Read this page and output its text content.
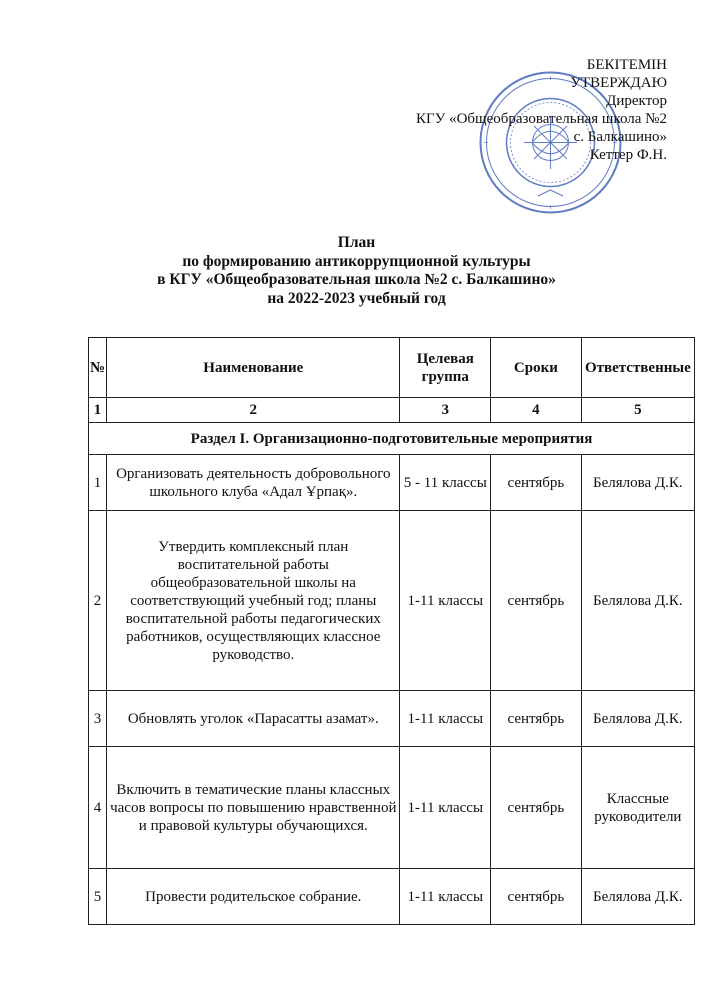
БЕКІТЕМІН
УТВЕРЖДАЮ
Директор
КГУ «Общеобразовательная школа №2
с. Балкашино»
Кеттер Ф.Н.
План
по формированию антикоррупционной культуры
в КГУ «Общеобразовательная школа №2 с. Балкашино»
на 2022-2023 учебный год
№	Наименование	Целевая группа	Сроки	Ответственные
1	2	3	4	5
Раздел I. Организационно-подготовительные мероприятия				
1	Организовать деятельность добровольного школьного клуба «Адал Ұрпақ».	5 - 11 классы	сентябрь	Белялова Д.К.
2	Утвердить комплексный план воспитательной работы общеобразовательной школы на соответствующий учебный год; планы воспитательной работы педагогических работников, осуществляющих классное руководство.	1-11 классы	сентябрь	Белялова Д.К.
3	Обновлять уголок «Парасатты азамат».	1-11 классы	сентябрь	Белялова Д.К.
4	Включить в тематические планы классных часов вопросы по повышению нравственной и правовой культуры обучающихся.	1-11 классы	сентябрь	Классные руководители
5	Провести родительское собрание.	1-11 классы	сентябрь	Белялова Д.К.
